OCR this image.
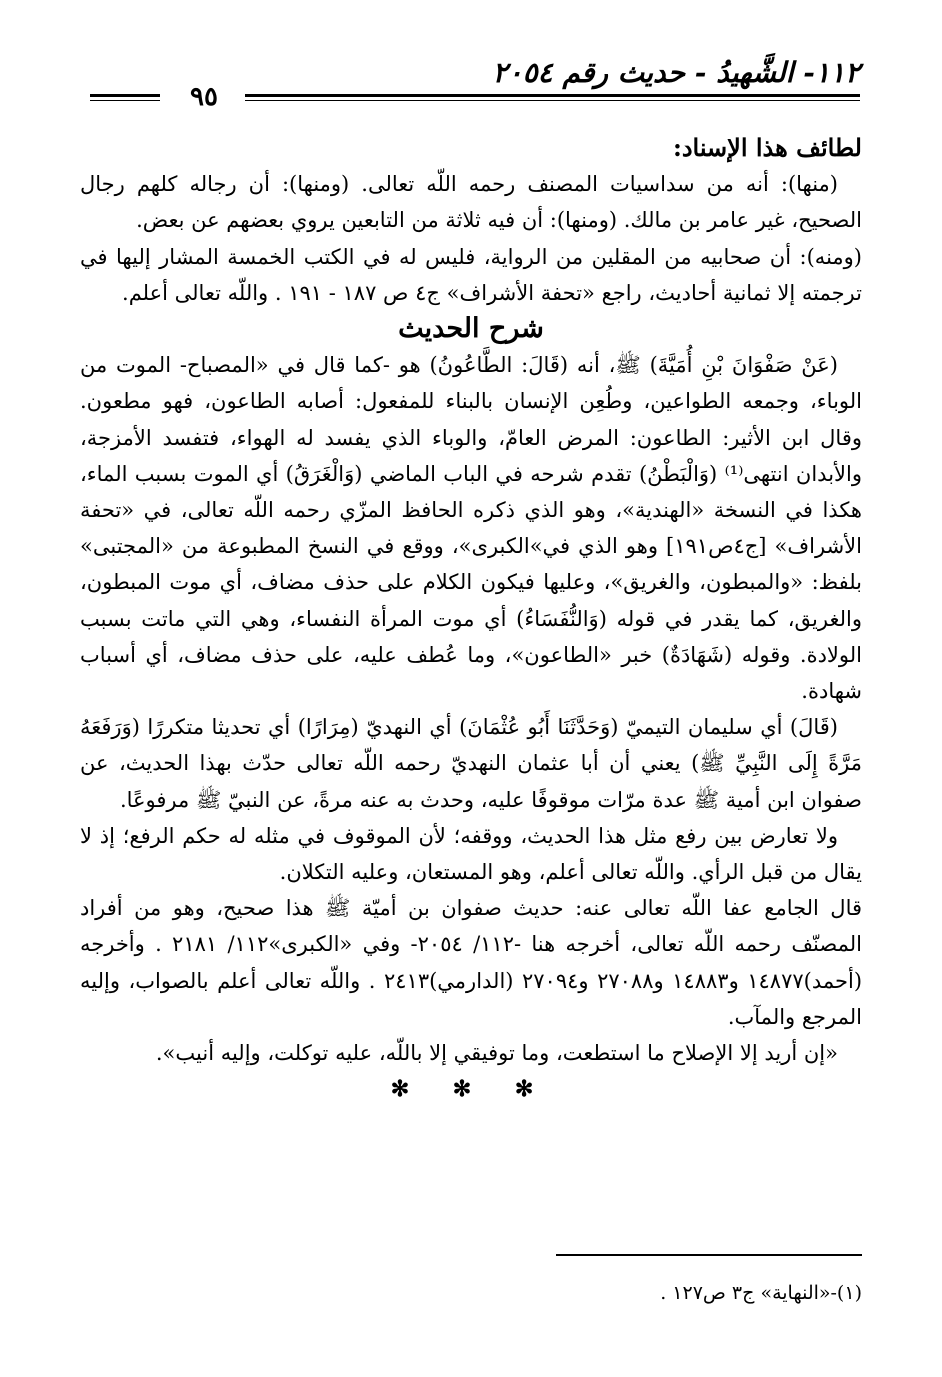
١١٢- الشَّهيدُ - حديث رقم ٢٠٥٤
٩٥

لطائف هذا الإسناد:

(منها): أنه من سداسيات المصنف رحمه اللّه تعالى. (ومنها): أن رجاله كلهم رجال الصحيح، غير عامر بن مالك. (ومنها): أن فيه ثلاثة من التابعين يروي بعضهم عن بعض.

(ومنه): أن صحابيه من المقلين من الرواية، فليس له في الكتب الخمسة المشار إليها في ترجمته إلا ثمانية أحاديث، راجع «تحفة الأشراف» ج٤ ص ١٨٧ - ١٩١ . واللّه تعالى أعلم.

شرح الحديث

(عَنْ صَفْوَانَ بْنِ أُمَيَّةَ) ﷺ، أنه (قَالَ: الطَّاعُونُ) هو -كما قال في «المصباح- الموت من الوباء، وجمعه الطواعين، وطُعِن الإنسان بالبناء للمفعول: أصابه الطاعون، فهو مطعون. وقال ابن الأثير: الطاعون: المرض العامّ، والوباء الذي يفسد له الهواء، فتفسد الأمزجة، والأبدان انتهى⁽¹⁾ (وَالْبَطْنُ) تقدم شرحه في الباب الماضي (وَالْغَرَقُ) أي الموت بسبب الماء، هكذا في النسخة «الهندية»، وهو الذي ذكره الحافظ المزّي رحمه اللّه تعالى، في «تحفة الأشراف» [ج٤ص١٩١] وهو الذي في»الكبرى»، ووقع في النسخ المطبوعة من «المجتبى» بلفظ: «والمبطون، والغريق»، وعليها فيكون الكلام على حذف مضاف، أي موت المبطون، والغريق، كما يقدر في قوله (وَالنُّفَسَاءُ) أي موت المرأة النفساء، وهي التي ماتت بسبب الولادة. وقوله (شَهَادَةٌ) خبر «الطاعون»، وما عُطف عليه، على حذف مضاف، أي أسباب شهادة.

(قَالَ) أي سليمان التيميّ (وَحَدَّثَنَا أَبُو عُثْمَانَ) أي النهديّ (مِرَارًا) أي تحديثا متكررًا (وَرَفَعَهُ مَرَّةً إِلَى النَّبِيِّ ﷺ) يعني أن أبا عثمان النهديّ رحمه اللّه تعالى حدّث بهذا الحديث، عن صفوان ابن أمية ﷺ عدة مرّات موقوفًا عليه، وحدث به عنه مرةً، عن النبيّ ﷺ مرفوعًا.

ولا تعارض بين رفع مثل هذا الحديث، ووقفه؛ لأن الموقوف في مثله له حكم الرفع؛ إذ لا يقال من قبل الرأي. واللّه تعالى أعلم، وهو المستعان، وعليه التكلان.

قال الجامع عفا اللّه تعالى عنه: حديث صفوان بن أميّة ﷺ هذا صحيح، وهو من أفراد المصنّف رحمه اللّه تعالى، أخرجه هنا -١١٢/ ٢٠٥٤- وفي «الكبرى»١١٢/ ٢١٨١ . وأخرجه (أحمد)١٤٨٧٧ و١٤٨٨٣ و٢٧٠٨٨ و٢٧٠٩٤ (الدارمي)٢٤١٣ . واللّه تعالى أعلم بالصواب، وإليه المرجع والمآب.

«إن أريد إلا الإصلاح ما استطعت، وما توفيقي إلا باللّه، عليه توكلت، وإليه أنيب».

✻ ✻ ✻

(١)-«النهاية» ج٣ ص١٢٧ .
